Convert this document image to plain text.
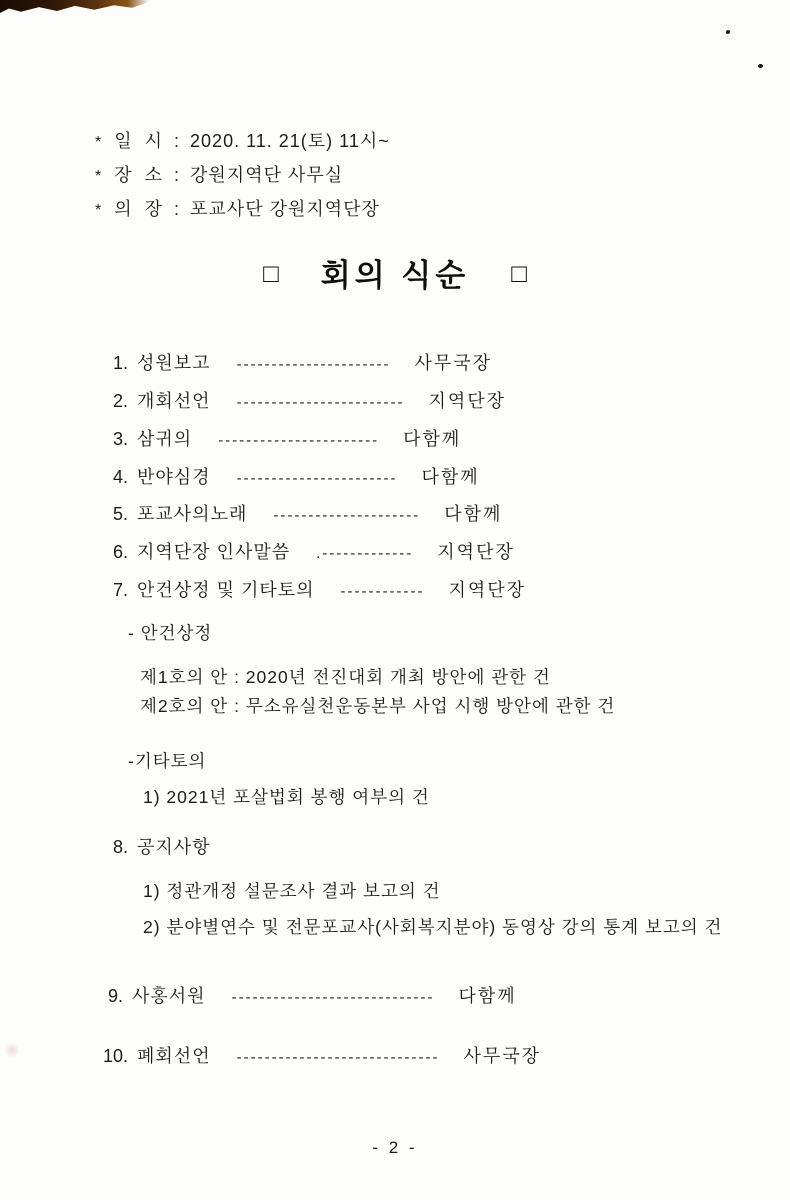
* 일 시 : 2020. 11. 21(토) 11시~
* 장 소 : 강원지역단 사무실
* 의 장 : 포교사단 강원지역단장
□ 회의 식순 □
1. 성원보고 ---------------------- 사무국장
2. 개회선언 ------------------------ 지역단장
3. 삼귀의 ----------------------- 다함께
4. 반야심경 ----------------------- 다함께
5. 포교사의노래 --------------------- 다함께
6. 지역단장 인사말씀 .------------- 지역단장
7. 안건상정 및 기타토의 ------------ 지역단장
- 안건상정
제1호의 안 : 2020년 전진대회 개최 방안에 관한 건
제2호의 안 : 무소유실천운동본부 사업 시행 방안에 관한 건
-기타토의
1) 2021년 포살법회 봉행 여부의 건
8. 공지사항
1) 정관개정 설문조사 결과 보고의 건
2) 분야별연수 및 전문포교사(사회복지분야) 동영상 강의 통계 보고의 건
9. 사홍서원 ----------------------------- 다함께
10. 폐회선언 ----------------------------- 사무국장
- 2 -
